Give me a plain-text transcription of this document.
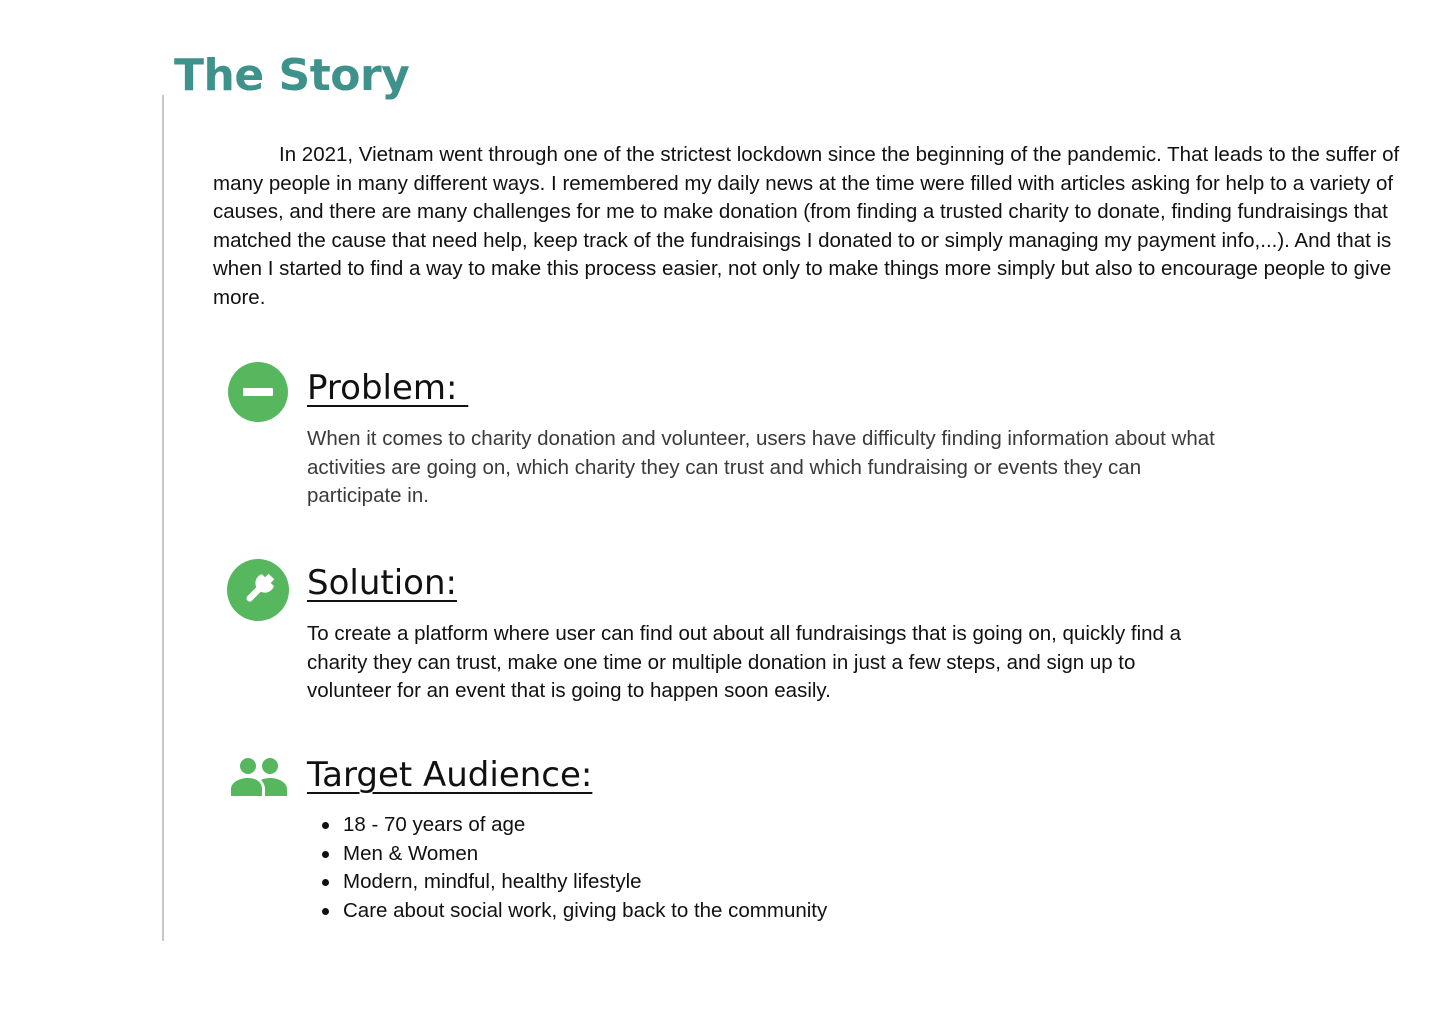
The Story

In 2021, Vietnam went through one of the strictest lockdown since the beginning of the pandemic. That leads to the suffer of many people in many different ways. I remembered my daily news at the time were filled with articles asking for help to a variety of causes, and there are many challenges for me to make donation (from finding a trusted charity to donate, finding fundraisings that matched the cause that need help, keep track of the fundraisings I donated to or simply managing my payment info,...). And that is when I started to find a way to make this process easier, not only to make things more simply but also to encourage people to give more.

Problem:

When it comes to charity donation and volunteer, users have difficulty finding information about what activities are going on, which charity they can trust and which fundraising or events they can participate in.

Solution:

To create a platform where user can find out about all fundraisings that is going on, quickly find a charity they can trust, make one time or multiple donation in just a few steps, and sign up to volunteer for an event that is going to happen soon easily.

Target Audience:
18 - 70 years of age
Men & Women
Modern, mindful, healthy lifestyle
Care about social work, giving back to the community
